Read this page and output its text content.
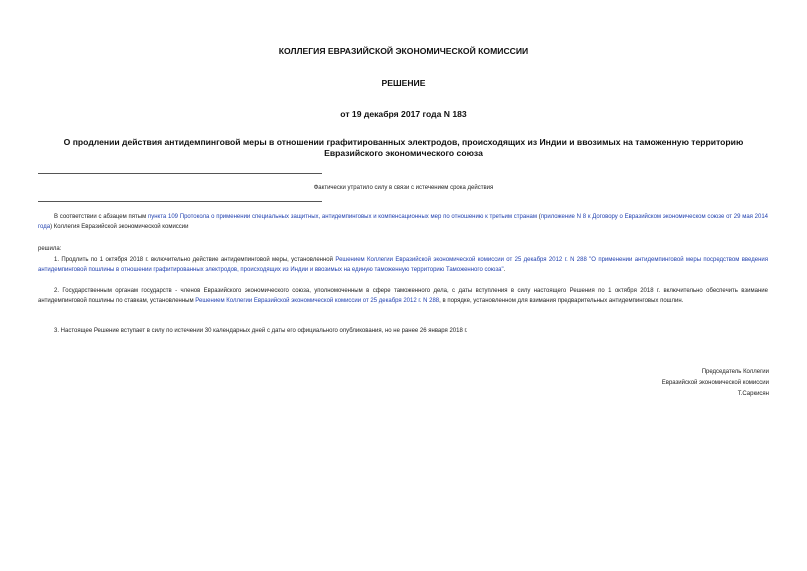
КОЛЛЕГИЯ ЕВРАЗИЙСКОЙ ЭКОНОМИЧЕСКОЙ КОМИССИИ
РЕШЕНИЕ
от 19 декабря 2017 года N 183
О продлении действия антидемпинговой меры в отношении графитированных электродов, происходящих из Индии и ввозимых на таможенную территорию Евразийского экономического союза
Фактически утратило силу в связи с истечением срока действия
В соответствии с абзацем пятым пункта 109 Протокола о применении специальных защитных, антидемпинговых и компенсационных мер по отношению к третьим странам (приложение N 8 к Договору о Евразийском экономическом союзе от 29 мая 2014 года) Коллегия Евразийской экономической комиссии
решила:
1. Продлить по 1 октября 2018 г. включительно действие антидемпинговой меры, установленной Решением Коллегии Евразийской экономической комиссии от 25 декабря 2012 г. N 288 "О применении антидемпинговой меры посредством введения антидемпинговой пошлины в отношении графитированных электродов, происходящих из Индии и ввозимых на единую таможенную территорию Таможенного союза".
2. Государственным органам государств - членов Евразийского экономического союза, уполномоченным в сфере таможенного дела, с даты вступления в силу настоящего Решения по 1 октября 2018 г. включительно обеспечить взимание антидемпинговой пошлины по ставкам, установленным Решением Коллегии Евразийской экономической комиссии от 25 декабря 2012 г. N 288, в порядке, установленном для взимания предварительных антидемпинговых пошлин.
3. Настоящее Решение вступает в силу по истечении 30 календарных дней с даты его официального опубликования, но не ранее 26 января 2018 г.
Председатель Коллегии
Евразийской экономической комиссии
Т.Саркисян
